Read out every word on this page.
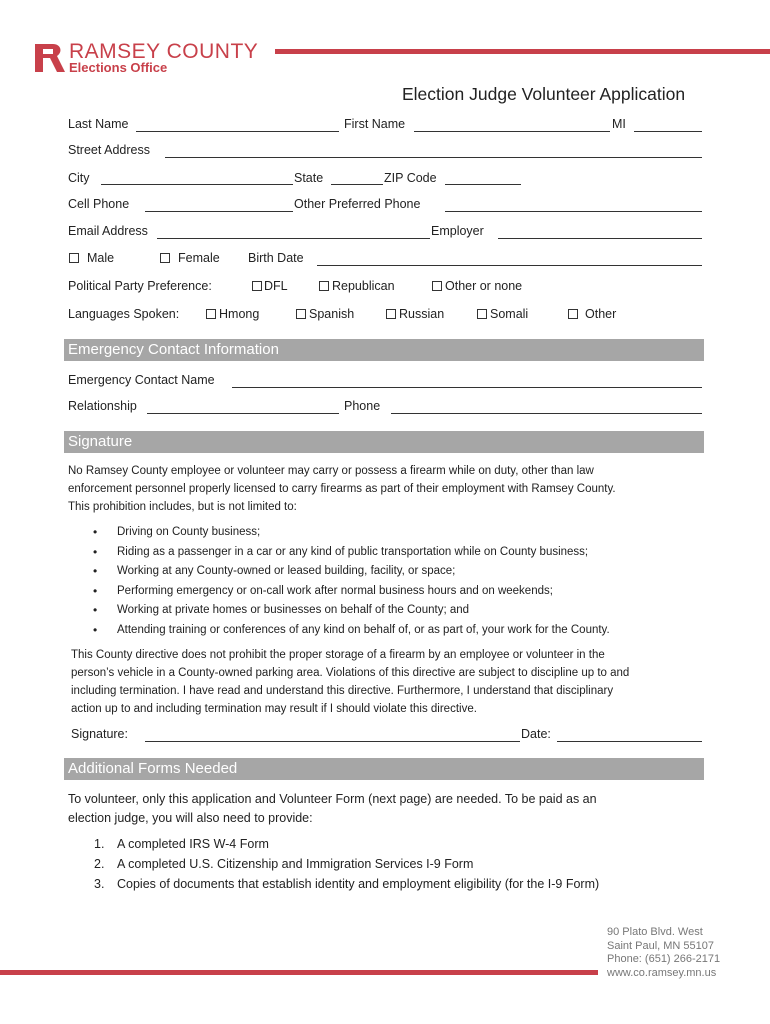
RAMSEY COUNTY
Elections Office
Election Judge Volunteer Application
Last Name	First Name	MI
Street Address
City	State	ZIP Code
Cell Phone	Other Preferred Phone
Email Address	Employer
Male	Female Birth Date
Political Party Preference:	DFL	Republican	Other or none
Languages Spoken:	Hmong	Spanish	Russian	Somali	Other
Emergency Contact Information
Emergency Contact Name
Relationship	Phone
Signature
No Ramsey County employee or volunteer may carry or possess a firearm while on duty, other than law
enforcement personnel properly licensed to carry firearms as part of their employment with Ramsey County.
This prohibition includes, but is not limited to:
• Driving on County business;
• Riding as a passenger in a car or any kind of public transportation while on County business;
• Working at any County-owned or leased building, facility, or space;
• Performing emergency or on-call work after normal business hours and on weekends;
• Working at private homes or businesses on behalf of the County; and
• Attending training or conferences of any kind on behalf of, or as part of, your work for the County.
This County directive does not prohibit the proper storage of a firearm by an employee or volunteer in the
person’s vehicle in a County-owned parking area. Violations of this directive are subject to discipline up to and
including termination. I have read and understand this directive. Furthermore, I understand that disciplinary
action up to and including termination may result if I should violate this directive.
Signature:	Date:
Additional Forms Needed
To volunteer, only this application and Volunteer Form (next page) are needed. To be paid as an
election judge, you will also need to provide:
1. A completed IRS W-4 Form
2. A completed U.S. Citizenship and Immigration Services I-9 Form
3. Copies of documents that establish identity and employment eligibility (for the I-9 Form)
90 Plato Blvd. West
Saint Paul, MN 55107
Phone: (651) 266-2171
www.co.ramsey.mn.us
